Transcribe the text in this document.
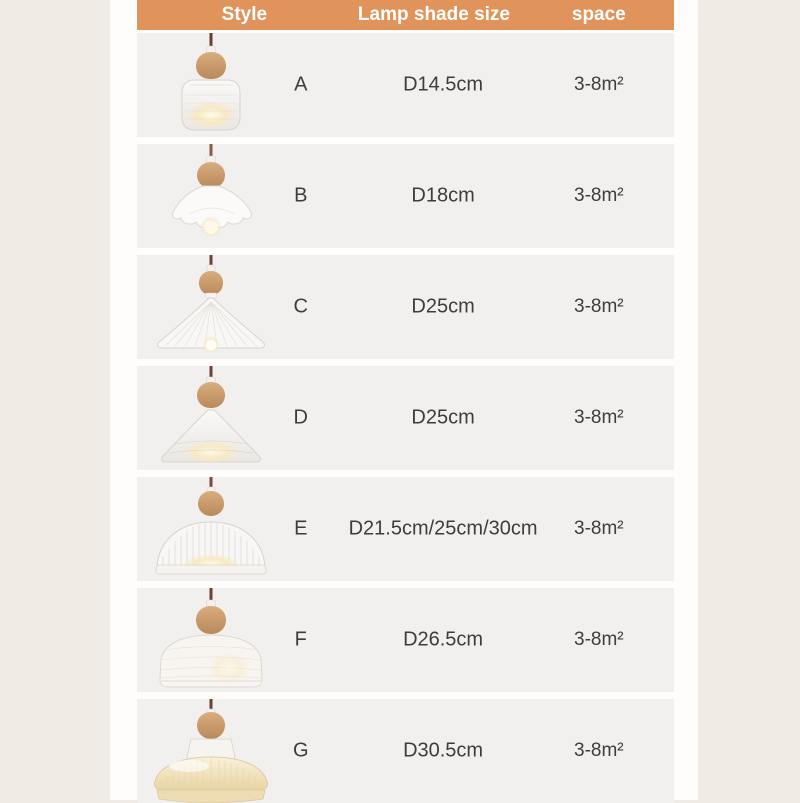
Style	Lamp shade size	space
A	D14.5cm	3-8m²
B	D18cm	3-8m²
C	D25cm	3-8m²
D	D25cm	3-8m²
E D21.5cm/25cm/30cm 3-8m²
F	D26.5cm	3-8m²
G	D30.5cm	3-8m²
